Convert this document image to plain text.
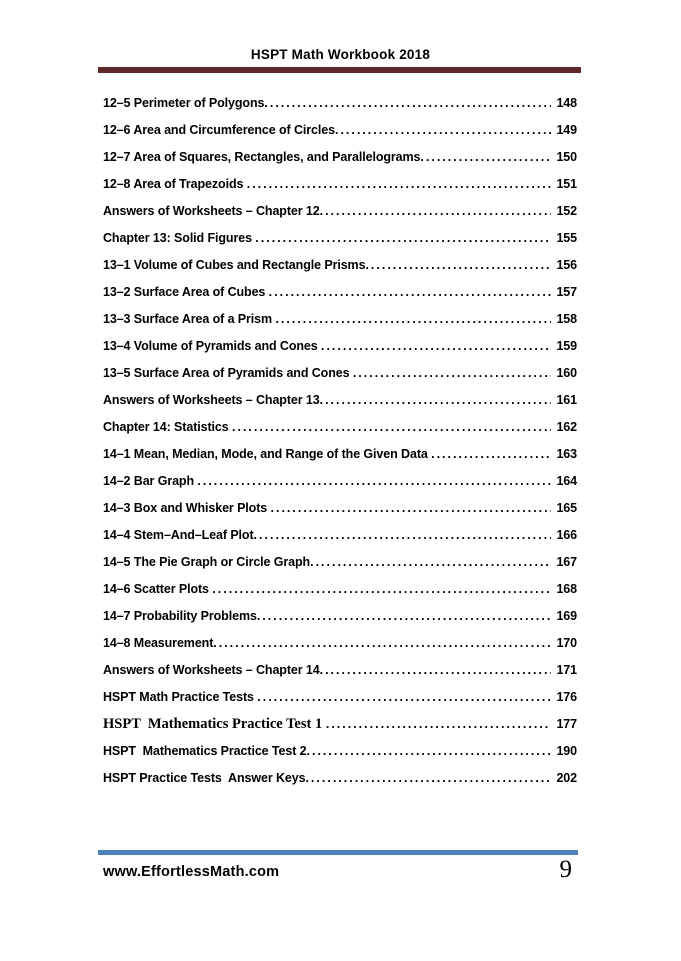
HSPT Math Workbook 2018
12–5 Perimeter of Polygons .....	148
12–6 Area and Circumference of Circles .....	149
12–7 Area of Squares, Rectangles, and Parallelograms .....	150
12–8 Area of Trapezoids .....	151
Answers of Worksheets – Chapter 12 .....	152
Chapter 13: Solid Figures .....	155
13–1 Volume of Cubes and Rectangle Prisms .....	156
13–2 Surface Area of Cubes .....	157
13–3 Surface Area of a Prism .....	158
13–4 Volume of Pyramids and Cones .....	159
13–5 Surface Area of Pyramids and Cones .....	160
Answers of Worksheets – Chapter 13 .....	161
Chapter 14: Statistics .....	162
14–1 Mean, Median, Mode, and Range of the Given Data .....	163
14–2 Bar Graph .....	164
14–3 Box and Whisker Plots .....	165
14–4 Stem–And–Leaf Plot .....	166
14–5 The Pie Graph or Circle Graph .....	167
14–6 Scatter Plots .....	168
14–7 Probability Problems .....	169
14–8 Measurement .....	170
Answers of Worksheets – Chapter 14 .....	171
HSPT Math Practice Tests .....	176
HSPT  Mathematics Practice Test 1 .....	177
HSPT  Mathematics Practice Test 2 .....	190
HSPT Practice Tests  Answer Keys .....	202
www.EffortlessMath.com	9
